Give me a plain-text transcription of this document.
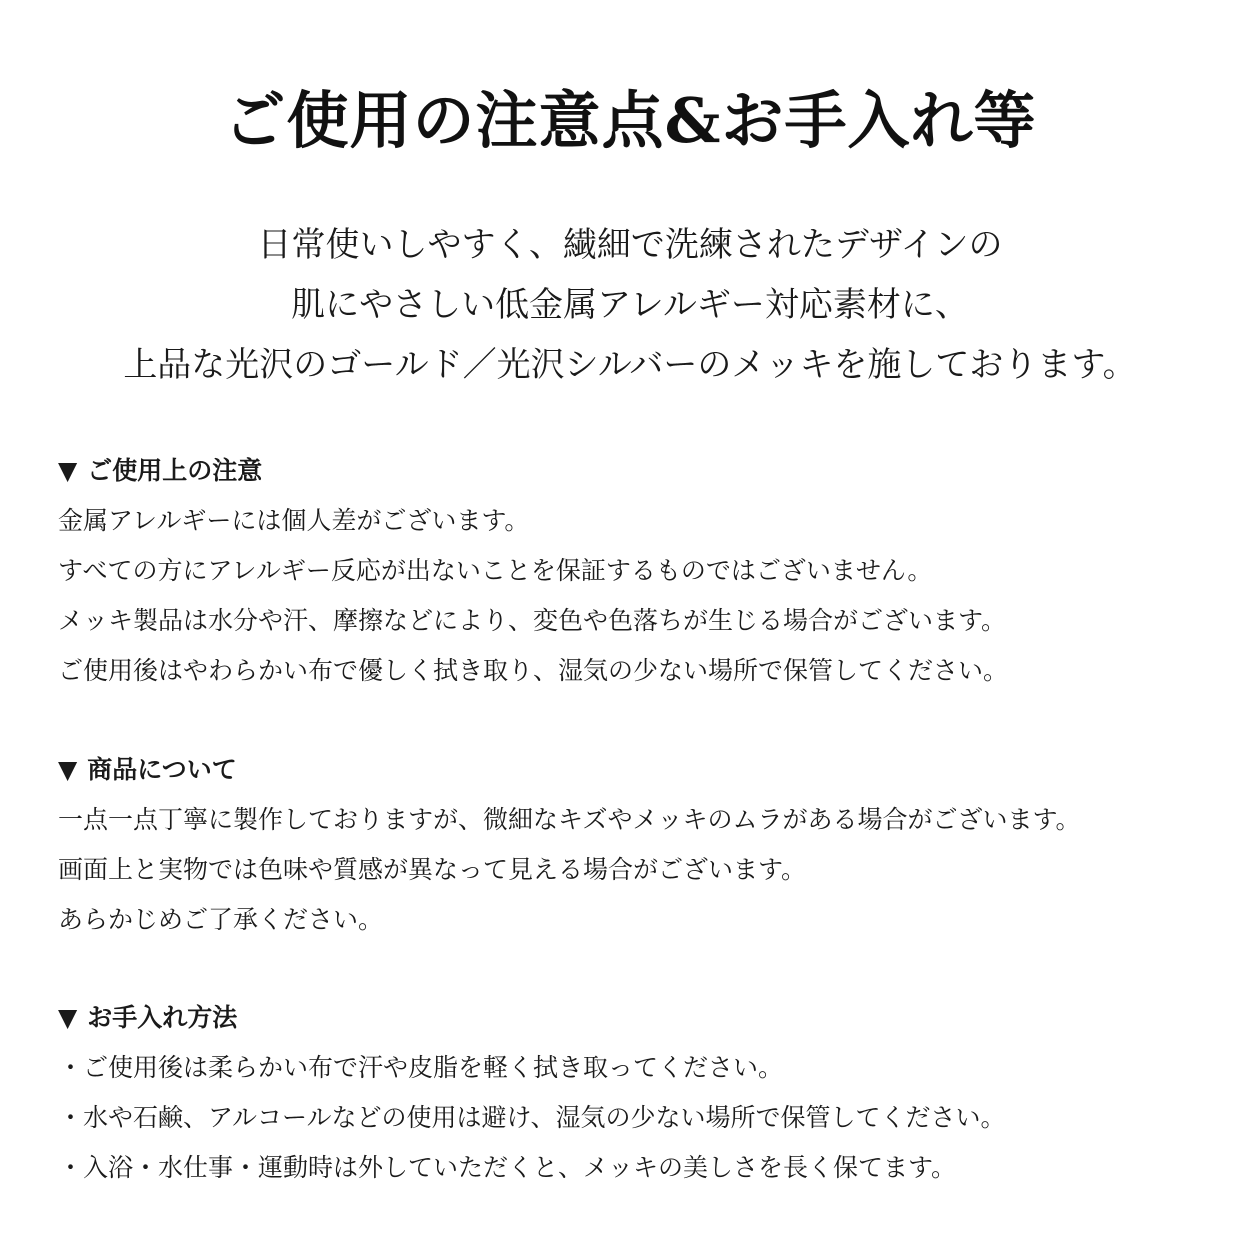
ご使用の注意点&お手入れ等
日常使いしやすく、繊細で洗練されたデザインの
肌にやさしい低金属アレルギー対応素材に、
上品な光沢のゴールド／光沢シルバーのメッキを施しております。
▼ ご使用上の注意
金属アレルギーには個人差がございます。
すべての方にアレルギー反応が出ないことを保証するものではございません。
メッキ製品は水分や汗、摩擦などにより、変色や色落ちが生じる場合がございます。
ご使用後はやわらかい布で優しく拭き取り、湿気の少ない場所で保管してください。
▼ 商品について
一点一点丁寧に製作しておりますが、微細なキズやメッキのムラがある場合がございます。
画面上と実物では色味や質感が異なって見える場合がございます。
あらかじめご了承ください。
▼ お手入れ方法
・ご使用後は柔らかい布で汗や皮脂を軽く拭き取ってください。
・水や石鹸、アルコールなどの使用は避け、湿気の少ない場所で保管してください。
・入浴・水仕事・運動時は外していただくと、メッキの美しさを長く保てます。
